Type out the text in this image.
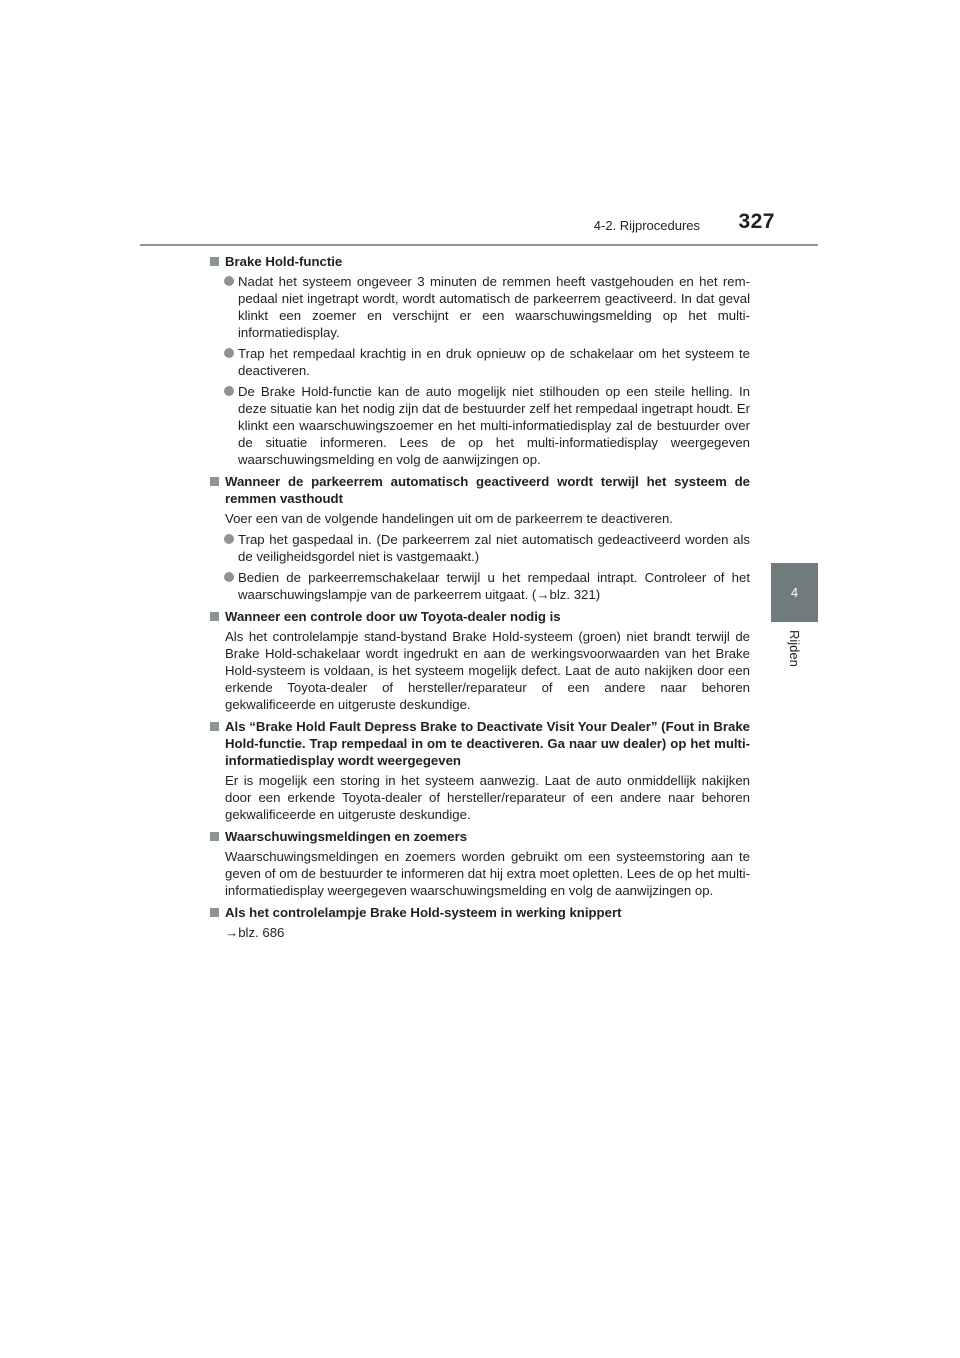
4-2. Rijprocedures 327
4
Rijden
Brake Hold-functie
Nadat het systeem ongeveer 3 minuten de remmen heeft vastgehouden en het rem-pedaal niet ingetrapt wordt, wordt automatisch de parkeerrem geactiveerd. In dat geval klinkt een zoemer en verschijnt er een waarschuwingsmelding op het multi-informatiedisplay.
Trap het rempedaal krachtig in en druk opnieuw op de schakelaar om het systeem te deactiveren.
De Brake Hold-functie kan de auto mogelijk niet stilhouden op een steile helling. In deze situatie kan het nodig zijn dat de bestuurder zelf het rempedaal ingetrapt houdt. Er klinkt een waarschuwingszoemer en het multi-informatiedisplay zal de bestuurder over de situatie informeren. Lees de op het multi-informatiedisplay weergegeven waarschuwingsmelding en volg de aanwijzingen op.
Wanneer de parkeerrem automatisch geactiveerd wordt terwijl het systeem de remmen vasthoudt
Voer een van de volgende handelingen uit om de parkeerrem te deactiveren.
Trap het gaspedaal in. (De parkeerrem zal niet automatisch gedeactiveerd worden als de veiligheidsgordel niet is vastgemaakt.)
Bedien de parkeerremschakelaar terwijl u het rempedaal intrapt. Controleer of het waarschuwingslampje van de parkeerrem uitgaat. (→blz. 321)
Wanneer een controle door uw Toyota-dealer nodig is
Als het controlelampje stand-bystand Brake Hold-systeem (groen) niet brandt terwijl de Brake Hold-schakelaar wordt ingedrukt en aan de werkingsvoorwaarden van het Brake Hold-systeem is voldaan, is het systeem mogelijk defect. Laat de auto nakijken door een erkende Toyota-dealer of hersteller/reparateur of een andere naar behoren gekwalificeerde en uitgeruste deskundige.
Als “Brake Hold Fault Depress Brake to Deactivate Visit Your Dealer” (Fout in Brake Hold-functie. Trap rempedaal in om te deactiveren. Ga naar uw dealer) op het multi-informatiedisplay wordt weergegeven
Er is mogelijk een storing in het systeem aanwezig. Laat de auto onmiddellijk nakijken door een erkende Toyota-dealer of hersteller/reparateur of een andere naar behoren gekwalificeerde en uitgeruste deskundige.
Waarschuwingsmeldingen en zoemers
Waarschuwingsmeldingen en zoemers worden gebruikt om een systeemstoring aan te geven of om de bestuurder te informeren dat hij extra moet opletten. Lees de op het multi-informatiedisplay weergegeven waarschuwingsmelding en volg de aanwijzingen op.
Als het controlelampje Brake Hold-systeem in werking knippert
→blz. 686
